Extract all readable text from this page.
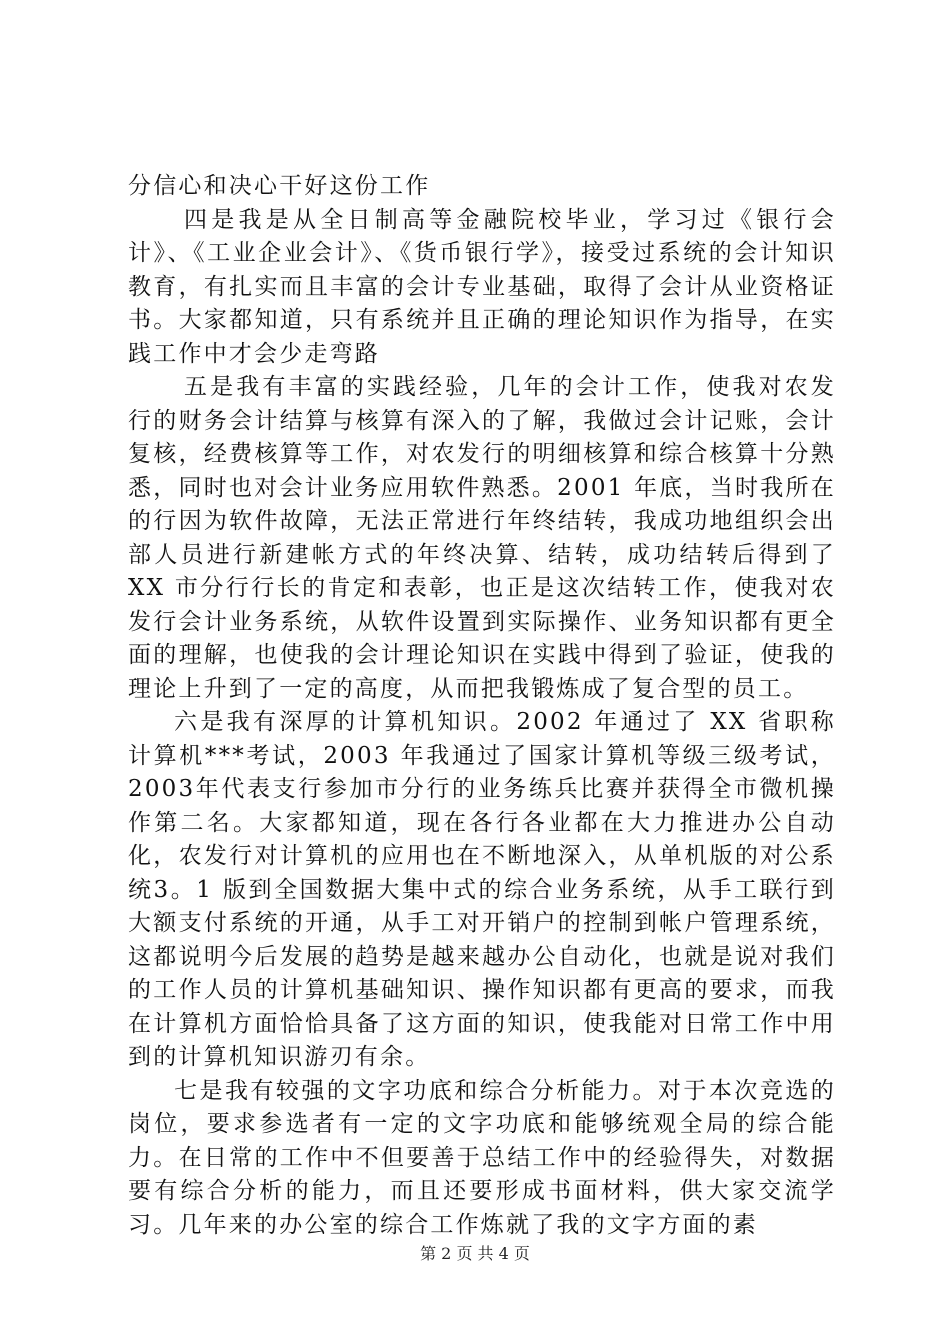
分信心和决心干好这份工作

四是我是从全日制高等金融院校毕业，学习过《银行会计》、《工业企业会计》、《货币银行学》，接受过系统的会计知识教育，有扎实而且丰富的会计专业基础，取得了会计从业资格证书。大家都知道，只有系统并且正确的理论知识作为指导，在实践工作中才会少走弯路

五是我有丰富的实践经验，几年的会计工作，使我对农发行的财务会计结算与核算有深入的了解，我做过会计记账，会计复核，经费核算等工作，对农发行的明细核算和综合核算十分熟悉，同时也对会计业务应用软件熟悉。2001 年底，当时我所在的行因为软件故障，无法正常进行年终结转，我成功地组织会出部人员进行新建帐方式的年终决算、结转，成功结转后得到了 XX 市分行行长的肯定和表彰，也正是这次结转工作，使我对农发行会计业务系统，从软件设置到实际操作、业务知识都有更全面的理解，也使我的会计理论知识在实践中得到了验证，使我的理论上升到了一定的高度，从而把我锻炼成了复合型的员工。

六是我有深厚的计算机知识。2002 年通过了 XX 省职称计算机***考试，2003 年我通过了国家计算机等级三级考试，2003年代表支行参加市分行的业务练兵比赛并获得全市微机操作第二名。大家都知道，现在各行各业都在大力推进办公自动化，农发行对计算机的应用也在不断地深入，从单机版的对公系统3。1 版到全国数据大集中式的综合业务系统，从手工联行到大额支付系统的开通，从手工对开销户的控制到帐户管理系统，这都说明今后发展的趋势是越来越办公自动化，也就是说对我们的工作人员的计算机基础知识、操作知识都有更高的要求，而我在计算机方面恰恰具备了这方面的知识，使我能对日常工作中用到的计算机知识游刃有余。

七是我有较强的文字功底和综合分析能力。对于本次竞选的岗位，要求参选者有一定的文字功底和能够统观全局的综合能力。在日常的工作中不但要善于总结工作中的经验得失，对数据要有综合分析的能力，而且还要形成书面材料，供大家交流学习。几年来的办公室的综合工作炼就了我的文字方面的素

第 2 页 共 4 页
